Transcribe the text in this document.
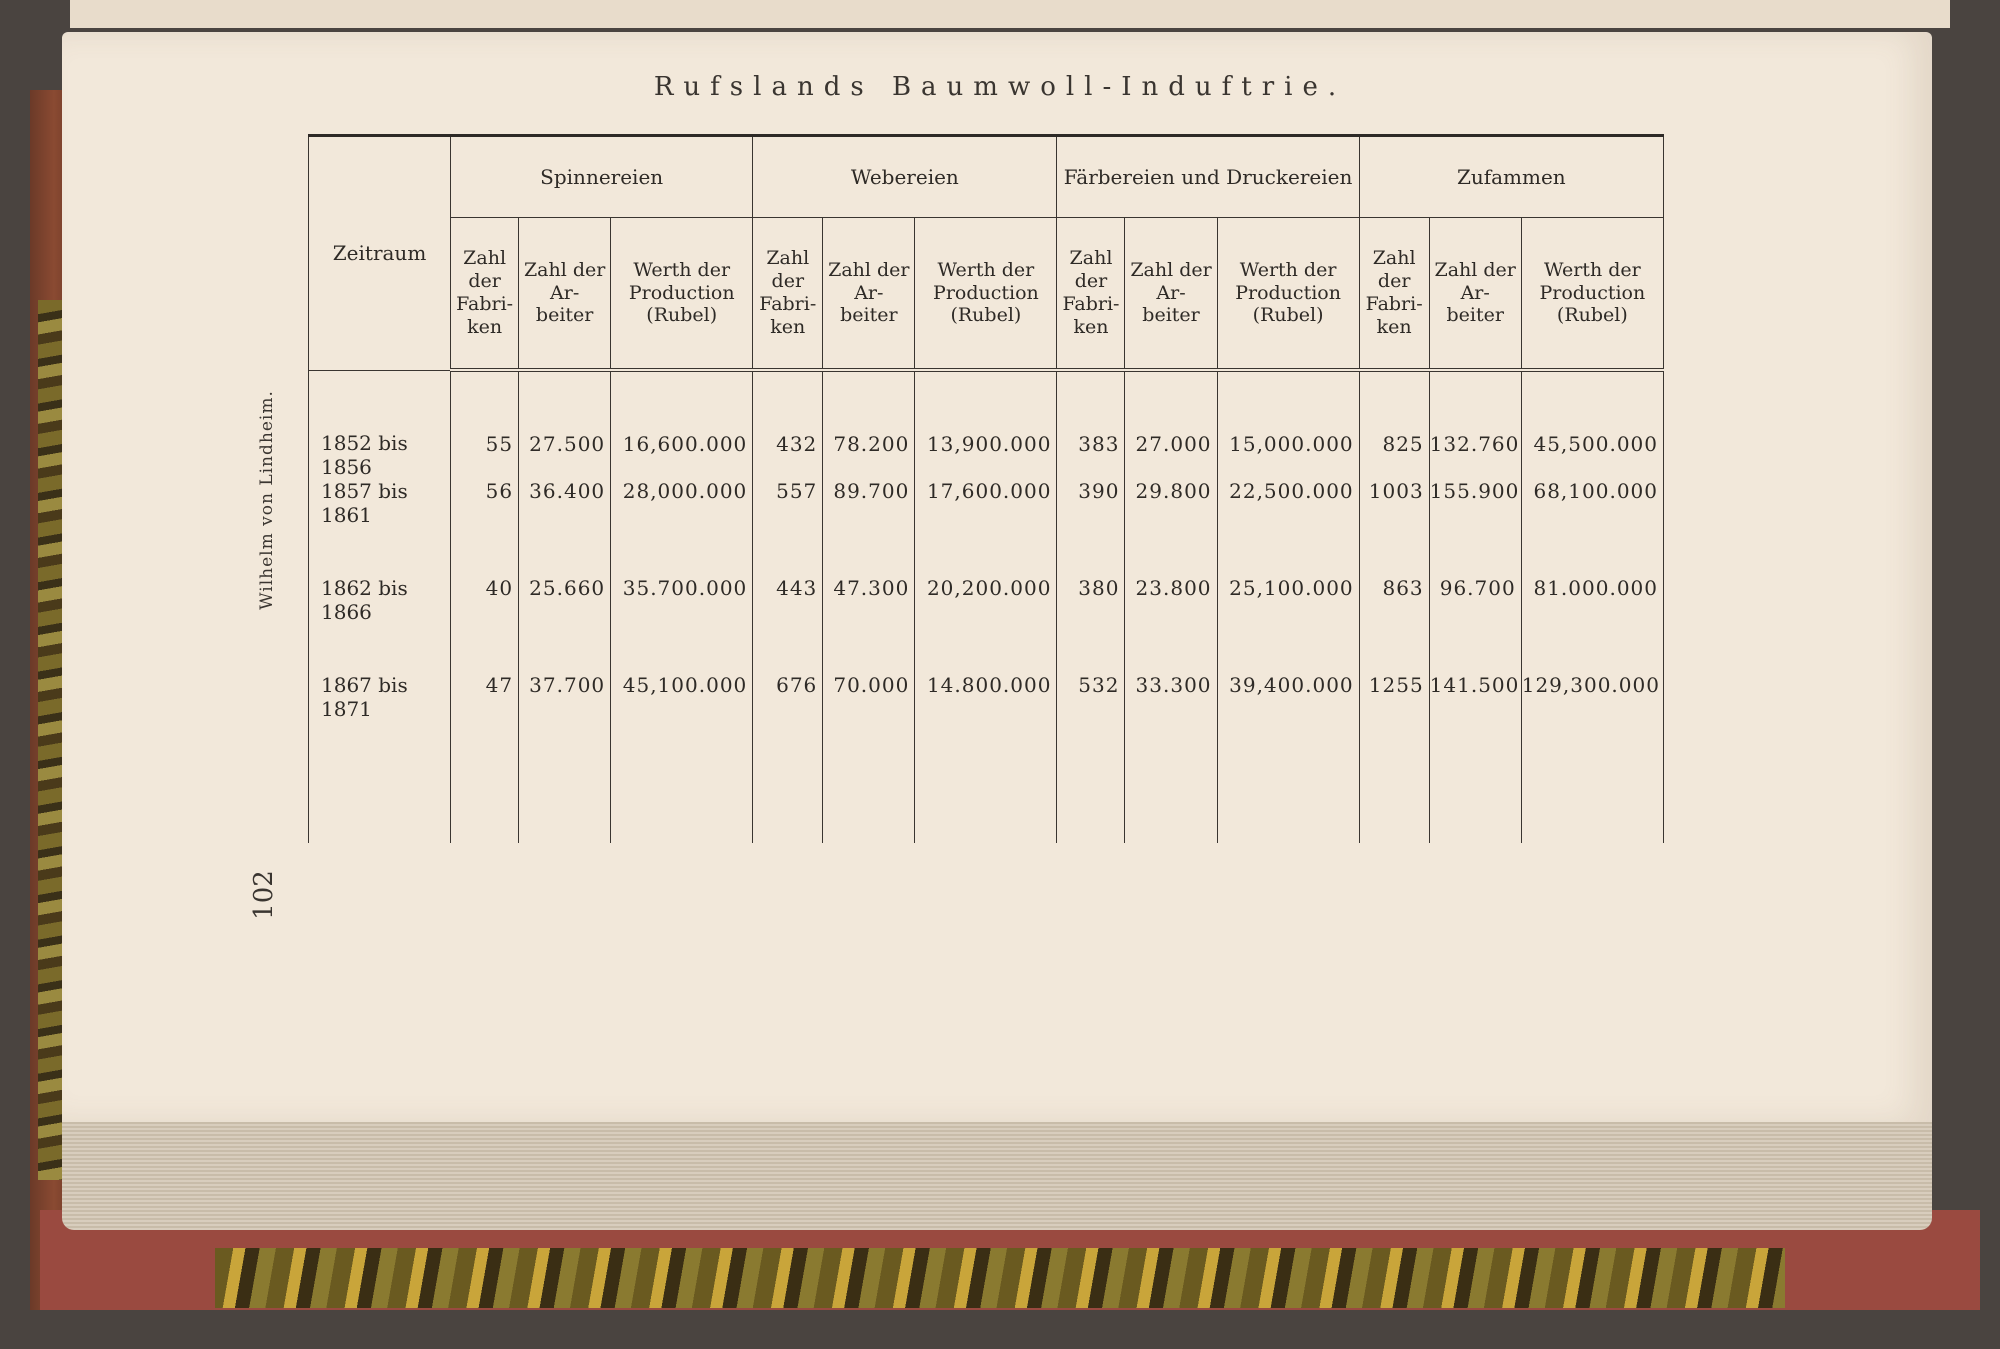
Rufslands Baumwoll-Induftrie.
Wilhelm von Lindheim.
102
Zeitraum	Spinnereien			Webereien			Färbereien und Druckereien			Zufammen		
	Zahl der Fabri- ken	Zahl der Ar- beiter	Werth der Production (Rubel)	Zahl der Fabri- ken	Zahl der Ar- beiter	Werth der Production (Rubel)	Zahl der Fabri- ken	Zahl der Ar- beiter	Werth der Production (Rubel)	Zahl der Fabri- ken	Zahl der Ar- beiter	Werth der Production (Rubel)
1852 bis 1856	55	27.500	16,600.000	432	78.200	13,900.000	383	27.000	15,000.000	825	132.760	45,500.000
1857 bis 1861	56	36.400	28,000.000	557	89.700	17,600.000	390	29.800	22,500.000	1003	155.900	68,100.000
1862 bis 1866	40	25.660	35.700.000	443	47.300	20,200.000	380	23.800	25,100.000	863	96.700	81.000.000
1867 bis 1871	47	37.700	45,100.000	676	70.000	14.800.000	532	33.300	39,400.000	1255	141.500	129,300.000
